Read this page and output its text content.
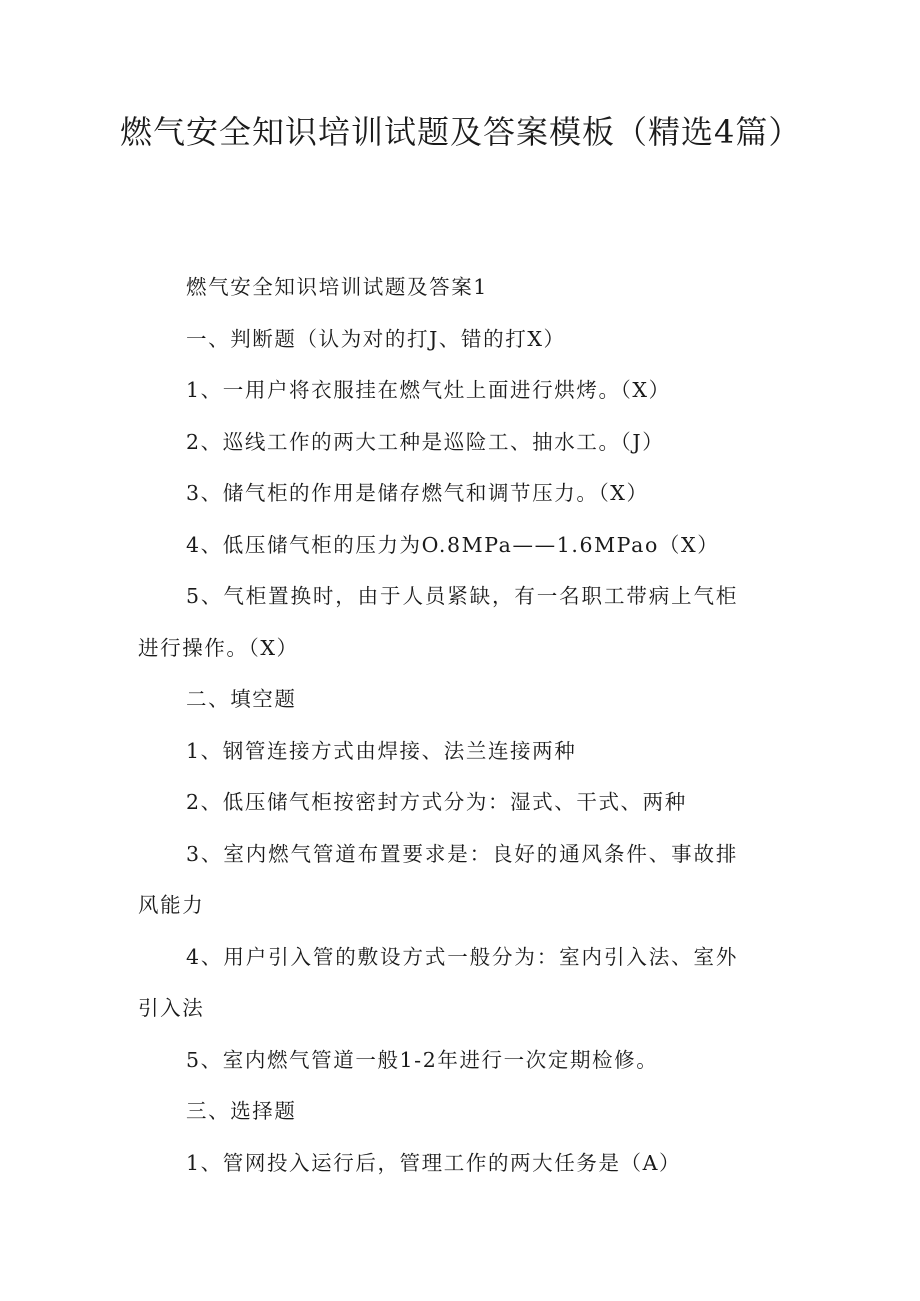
燃气安全知识培训试题及答案模板（精选4篇）

燃气安全知识培训试题及答案1

一、判断题（认为对的打J、错的打X）

1、一用户将衣服挂在燃气灶上面进行烘烤。（X）

2、巡线工作的两大工种是巡险工、抽水工。（J）

3、储气柜的作用是储存燃气和调节压力。（X）

4、低压储气柜的压力为O.8MPa——1.6MPao（X）

5、气柜置换时，由于人员紧缺，有一名职工带病上气柜进行操作。（X）

二、填空题

1、钢管连接方式由焊接、法兰连接两种

2、低压储气柜按密封方式分为：湿式、干式、两种

3、室内燃气管道布置要求是：良好的通风条件、事故排风能力

4、用户引入管的敷设方式一般分为：室内引入法、室外引入法

5、室内燃气管道一般1-2年进行一次定期检修。

三、选择题

1、管网投入运行后，管理工作的两大任务是（A）
